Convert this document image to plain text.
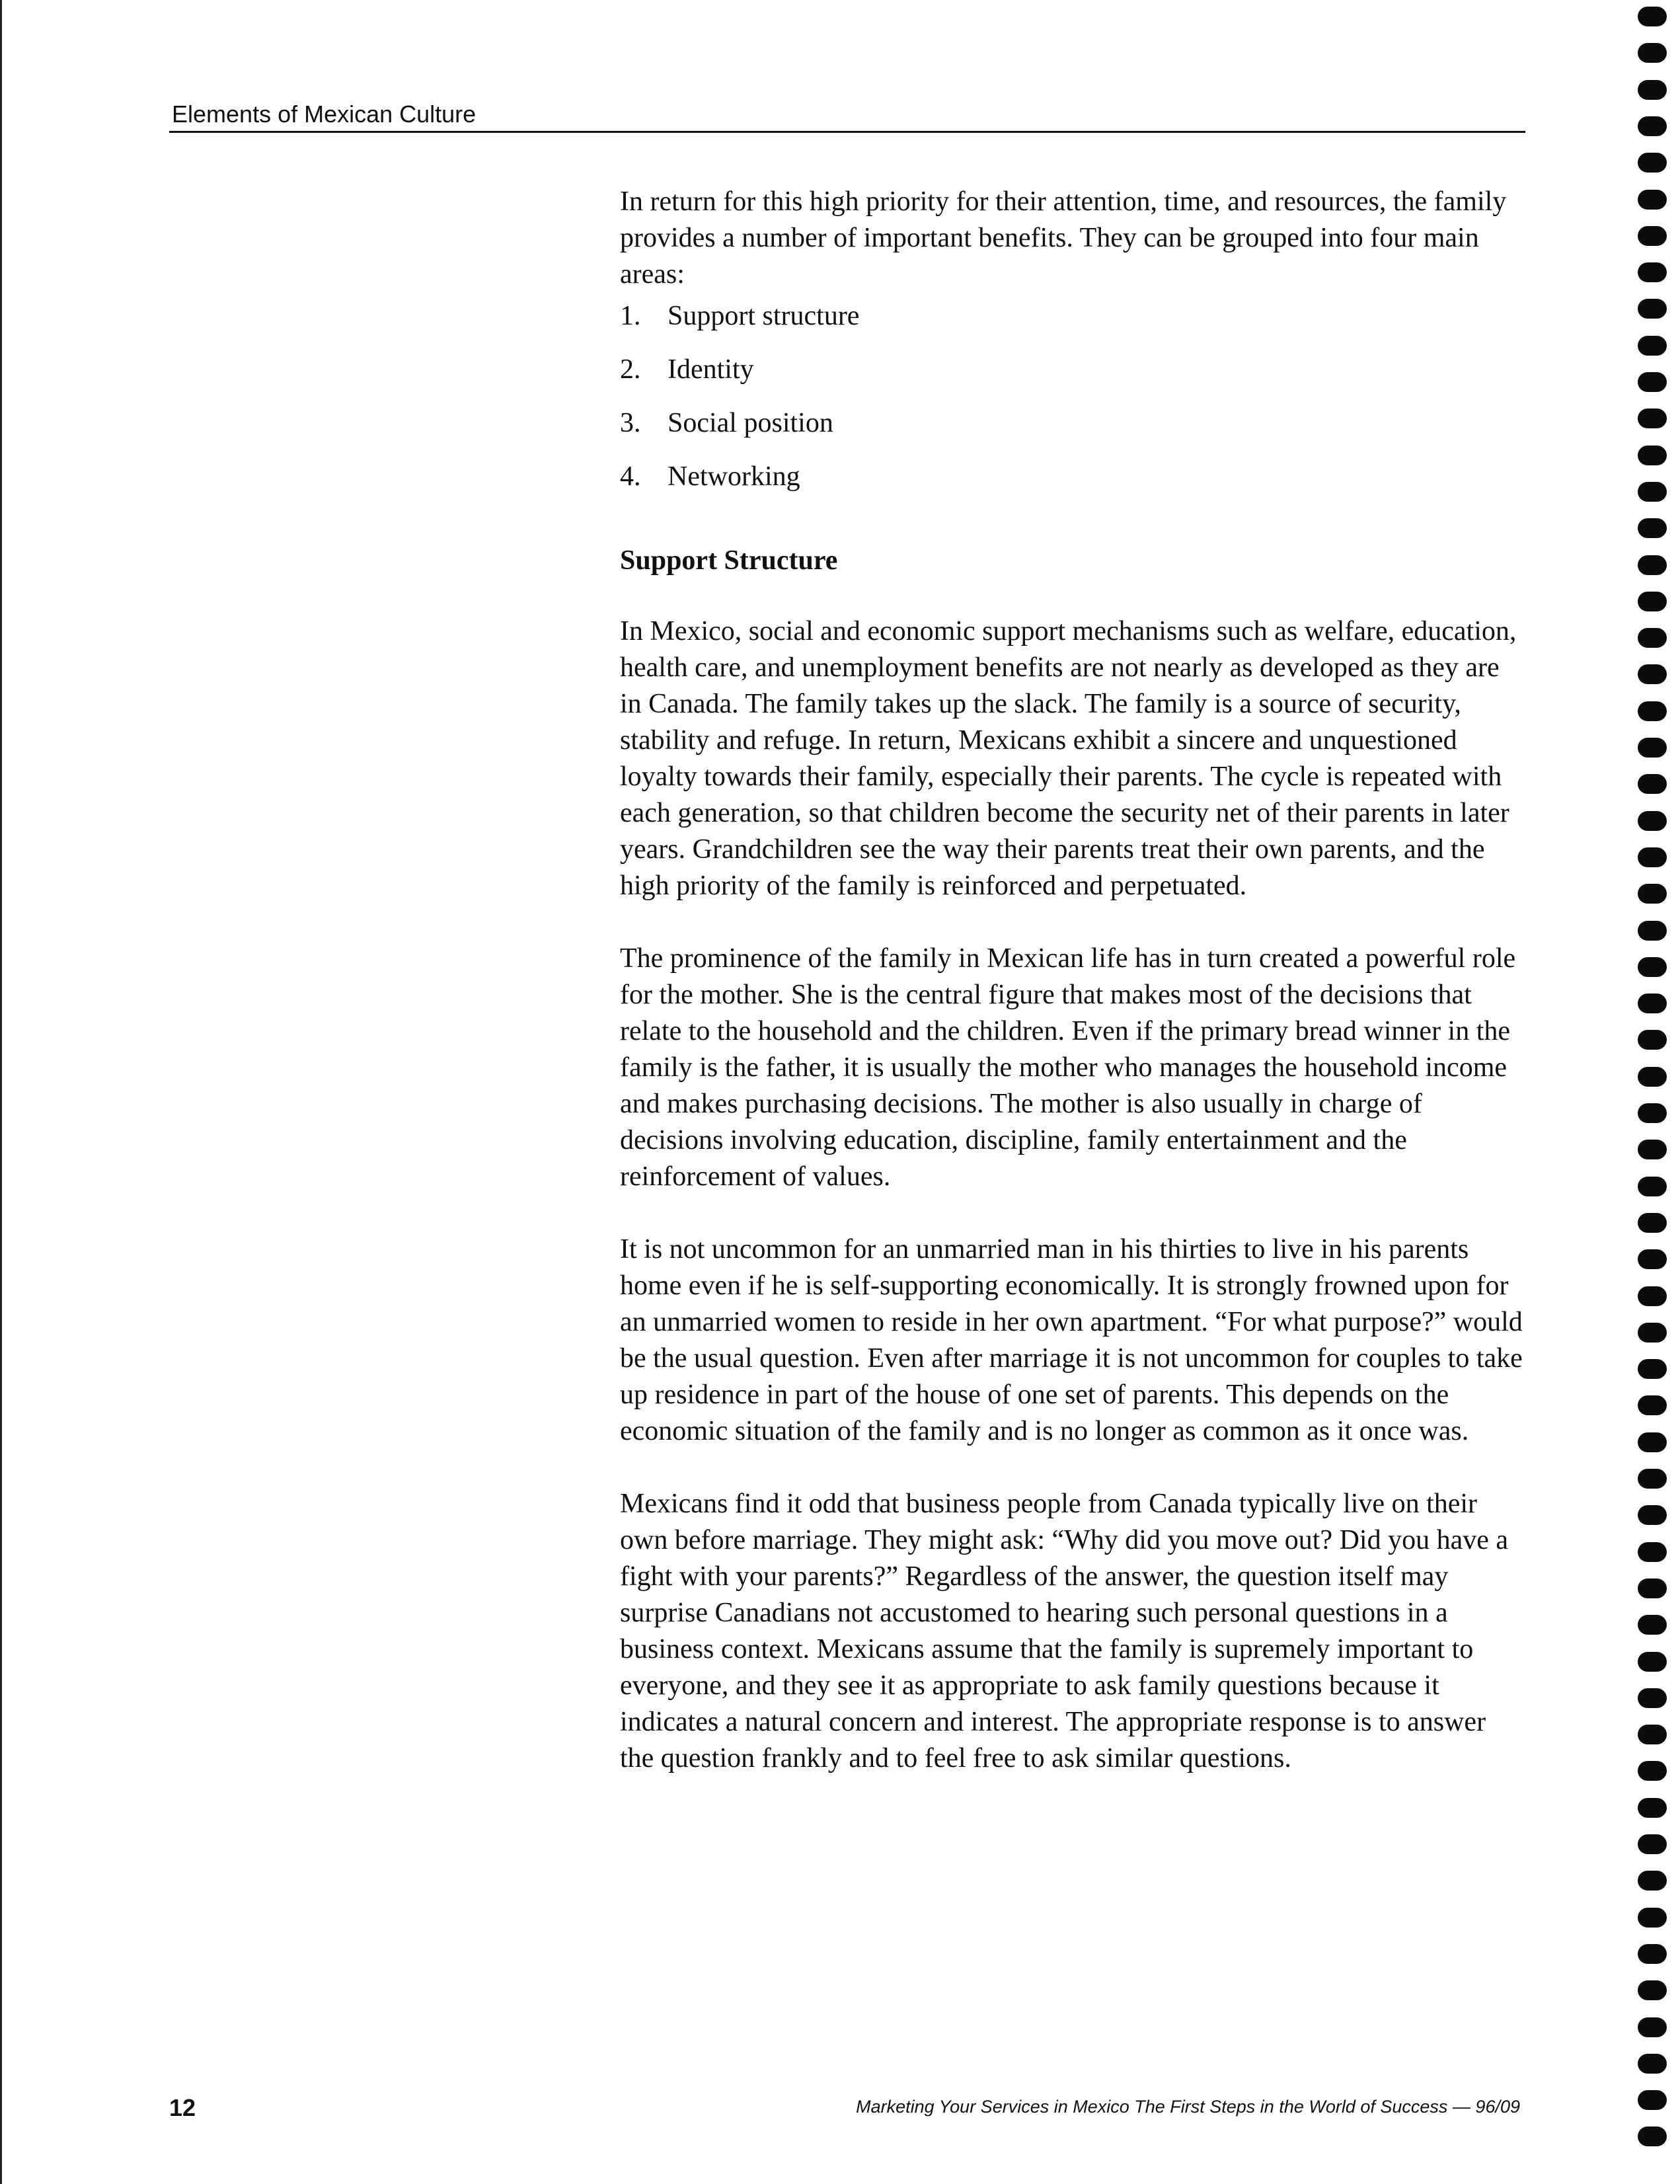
Elements of Mexican Culture

In return for this high priority for their attention, time, and resources, the family provides a number of important benefits. They can be grouped into four main areas:

1. Support structure
2. Identity
3. Social position
4. Networking

Support Structure

In Mexico, social and economic support mechanisms such as welfare, education, health care, and unemployment benefits are not nearly as developed as they are in Canada. The family takes up the slack. The family is a source of security, stability and refuge. In return, Mexicans exhibit a sincere and unquestioned loyalty towards their family, especially their parents. The cycle is repeated with each generation, so that children become the security net of their parents in later years. Grandchildren see the way their parents treat their own parents, and the high priority of the family is reinforced and perpetuated.

The prominence of the family in Mexican life has in turn created a powerful role for the mother. She is the central figure that makes most of the decisions that relate to the household and the children. Even if the primary bread winner in the family is the father, it is usually the mother who manages the household income and makes purchasing decisions. The mother is also usually in charge of decisions involving education, discipline, family entertainment and the reinforcement of values.

It is not uncommon for an unmarried man in his thirties to live in his parents home even if he is self-supporting economically. It is strongly frowned upon for an unmarried women to reside in her own apartment. “For what purpose?” would be the usual question. Even after marriage it is not uncommon for couples to take up residence in part of the house of one set of parents. This depends on the economic situation of the family and is no longer as common as it once was.

Mexicans find it odd that business people from Canada typically live on their own before marriage. They might ask: “Why did you move out? Did you have a fight with your parents?” Regardless of the answer, the question itself may surprise Canadians not accustomed to hearing such personal questions in a business context. Mexicans assume that the family is supremely important to everyone, and they see it as appropriate to ask family questions because it indicates a natural concern and interest. The appropriate response is to answer the question frankly and to feel free to ask similar questions.

12	Marketing Your Services in Mexico The First Steps in the World of Success — 96/09
